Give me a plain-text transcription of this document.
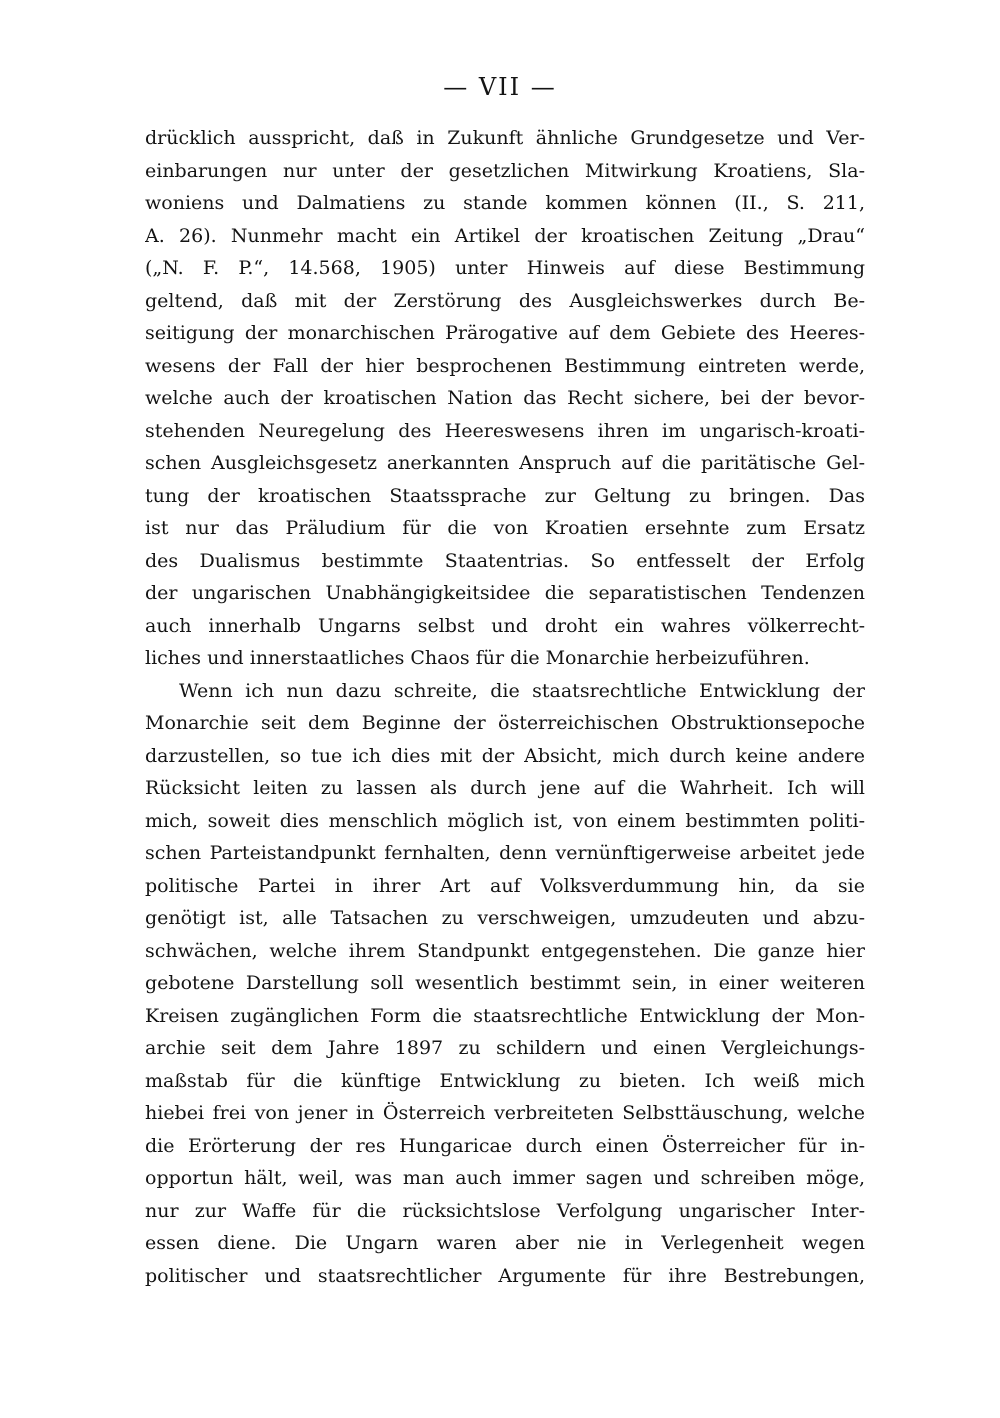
— VII —
drücklich ausspricht, daß in Zukunft ähnliche Grundgesetze und Ver-
einbarungen nur unter der gesetzlichen Mitwirkung Kroatiens, Sla-
woniens und Dalmatiens zu stande kommen können (II., S. 211,
A. 26). Nunmehr macht ein Artikel der kroatischen Zeitung „Drau“
(„N. F. P.“, 14.568, 1905) unter Hinweis auf diese Bestimmung
geltend, daß mit der Zerstörung des Ausgleichswerkes durch Be-
seitigung der monarchischen Prärogative auf dem Gebiete des Heeres-
wesens der Fall der hier besprochenen Bestimmung eintreten werde,
welche auch der kroatischen Nation das Recht sichere, bei der bevor-
stehenden Neuregelung des Heereswesens ihren im ungarisch-kroati-
schen Ausgleichsgesetz anerkannten Anspruch auf die paritätische Gel-
tung der kroatischen Staatssprache zur Geltung zu bringen. Das
ist nur das Präludium für die von Kroatien ersehnte zum Ersatz
des Dualismus bestimmte Staatentrias. So entfesselt der Erfolg
der ungarischen Unabhängigkeitsidee die separatistischen Tendenzen
auch innerhalb Ungarns selbst und droht ein wahres völkerrecht-
liches und innerstaatliches Chaos für die Monarchie herbeizuführen.
Wenn ich nun dazu schreite, die staatsrechtliche Entwicklung der
Monarchie seit dem Beginne der österreichischen Obstruktionsepoche
darzustellen, so tue ich dies mit der Absicht, mich durch keine andere
Rücksicht leiten zu lassen als durch jene auf die Wahrheit. Ich will
mich, soweit dies menschlich möglich ist, von einem bestimmten politi-
schen Parteistandpunkt fernhalten, denn vernünftigerweise arbeitet jede
politische Partei in ihrer Art auf Volksverdummung hin, da sie
genötigt ist, alle Tatsachen zu verschweigen, umzudeuten und abzu-
schwächen, welche ihrem Standpunkt entgegenstehen. Die ganze hier
gebotene Darstellung soll wesentlich bestimmt sein, in einer weiteren
Kreisen zugänglichen Form die staatsrechtliche Entwicklung der Mon-
archie seit dem Jahre 1897 zu schildern und einen Vergleichungs-
maßstab für die künftige Entwicklung zu bieten. Ich weiß mich
hiebei frei von jener in Österreich verbreiteten Selbsttäuschung, welche
die Erörterung der res Hungaricae durch einen Österreicher für in-
opportun hält, weil, was man auch immer sagen und schreiben möge,
nur zur Waffe für die rücksichtslose Verfolgung ungarischer Inter-
essen diene. Die Ungarn waren aber nie in Verlegenheit wegen
politischer und staatsrechtlicher Argumente für ihre Bestrebungen,
